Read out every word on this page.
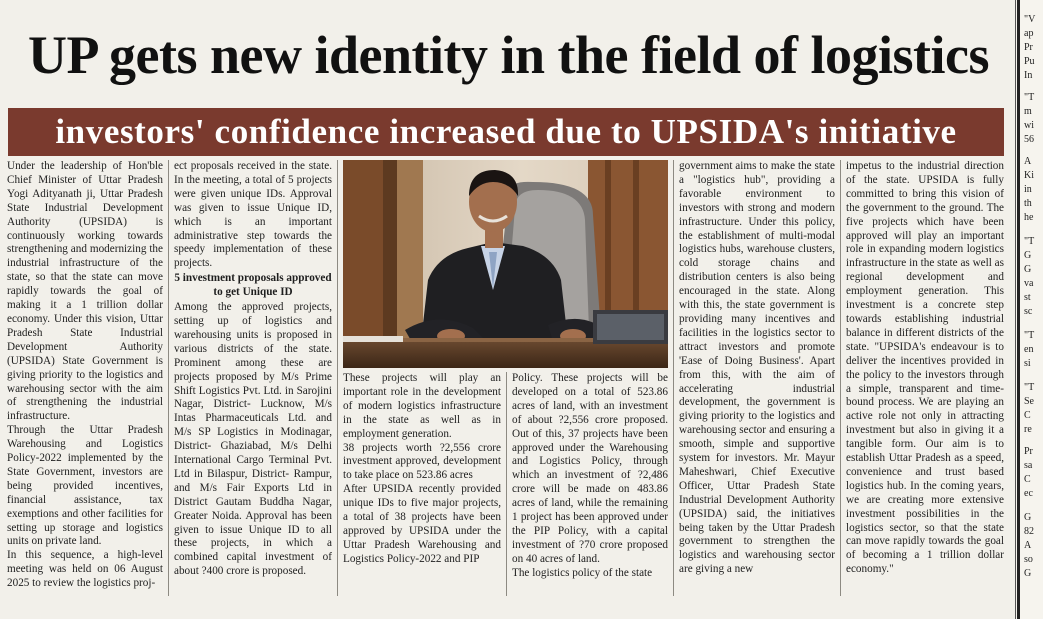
UP gets new identity in the field of logistics
investors' confidence increased due to UPSIDA's initiative

Under the leadership of Hon'ble Chief Minister of Uttar Pradesh Yogi Adityanath ji, Uttar Pradesh State Industrial Development Authority (UPSIDA) is continuously working towards strengthening and modernizing the industrial infrastructure of the state, so that the state can move rapidly towards the goal of making it a 1 trillion dollar economy. Under this vision, Uttar Pradesh State Industrial Development Authority (UPSIDA) State Government is giving priority to the logistics and warehousing sector with the aim of strengthening the industrial infrastructure.

Through the Uttar Pradesh Warehousing and Logistics Policy-2022 implemented by the State Government, investors are being provided incentives, financial assistance, tax exemptions and other facilities for setting up storage and logistics units on private land.

In this sequence, a high-level meeting was held on 06 August 2025 to review the logistics proj-

ect proposals received in the state. In the meeting, a total of 5 projects were given unique IDs. Approval was given to issue Unique ID, which is an important administrative step towards the speedy implementation of these projects.

5 investment proposals approved to get Unique ID

Among the approved projects, setting up of logistics and warehousing units is proposed in various districts of the state. Prominent among these are projects proposed by M/s Prime Shift Logistics Pvt. Ltd. in Sarojini Nagar, District- Lucknow, M/s Intas Pharmaceuticals Ltd. and M/s SP Logistics in Modinagar, District- Ghaziabad, M/s Delhi International Cargo Terminal Pvt. Ltd in Bilaspur, District- Rampur, and M/s Fair Exports Ltd in District Gautam Buddha Nagar, Greater Noida. Approval has been given to issue Unique ID to all these projects, in which a combined capital investment of about ?400 crore is proposed.

These projects will play an important role in the development of modern logistics infrastructure in the state as well as in employment generation.

38 projects worth ?2,556 crore investment approved, development to take place on 523.86 acres

After UPSIDA recently provided unique IDs to five major projects, a total of 38 projects have been approved by UPSIDA under the Uttar Pradesh Warehousing and Logistics Policy-2022 and PIP

Policy. These projects will be developed on a total of 523.86 acres of land, with an investment of about ?2,556 crore proposed. Out of this, 37 projects have been approved under the Warehousing and Logistics Policy, through which an investment of ?2,486 crore will be made on 483.86 acres of land, while the remaining 1 project has been approved under the PIP Policy, with a capital investment of ?70 crore proposed on 40 acres of land.

The logistics policy of the state

government aims to make the state a "logistics hub", providing a favorable environment to investors with strong and modern infrastructure. Under this policy, the establishment of multi-modal logistics hubs, warehouse clusters, cold storage chains and distribution centers is also being encouraged in the state. Along with this, the state government is providing many incentives and facilities in the logistics sector to attract investors and promote 'Ease of Doing Business'. Apart from this, with the aim of accelerating industrial development, the government is giving priority to the logistics and warehousing sector and ensuring a smooth, simple and supportive system for investors. Mr. Mayur Maheshwari, Chief Executive Officer, Uttar Pradesh State Industrial Development Authority (UPSIDA) said, the initiatives being taken by the Uttar Pradesh government to strengthen the logistics and warehousing sector are giving a new

impetus to the industrial direction of the state. UPSIDA is fully committed to bring this vision of the government to the ground. The five projects which have been approved will play an important role in expanding modern logistics infrastructure in the state as well as regional development and employment generation. This investment is a concrete step towards establishing industrial balance in different districts of the state. "UPSIDA's endeavour is to deliver the incentives provided in the policy to the investors through a simple, transparent and time-bound process. We are playing an active role not only in attracting investment but also in giving it a tangible form. Our aim is to establish Uttar Pradesh as a speed, convenience and trust based logistics hub. In the coming years, we are creating more extensive investment possibilities in the logistics sector, so that the state can move rapidly towards the goal of becoming a 1 trillion dollar economy."

"V
ap
Pr
Pu
In
"T
m
wi
56
A
Ki
in
th
he
"T
G
G
va
st
sc
"T
en
si
"T
Se
C
re
Pr
sa
C
ec
G
82
A
so
G
